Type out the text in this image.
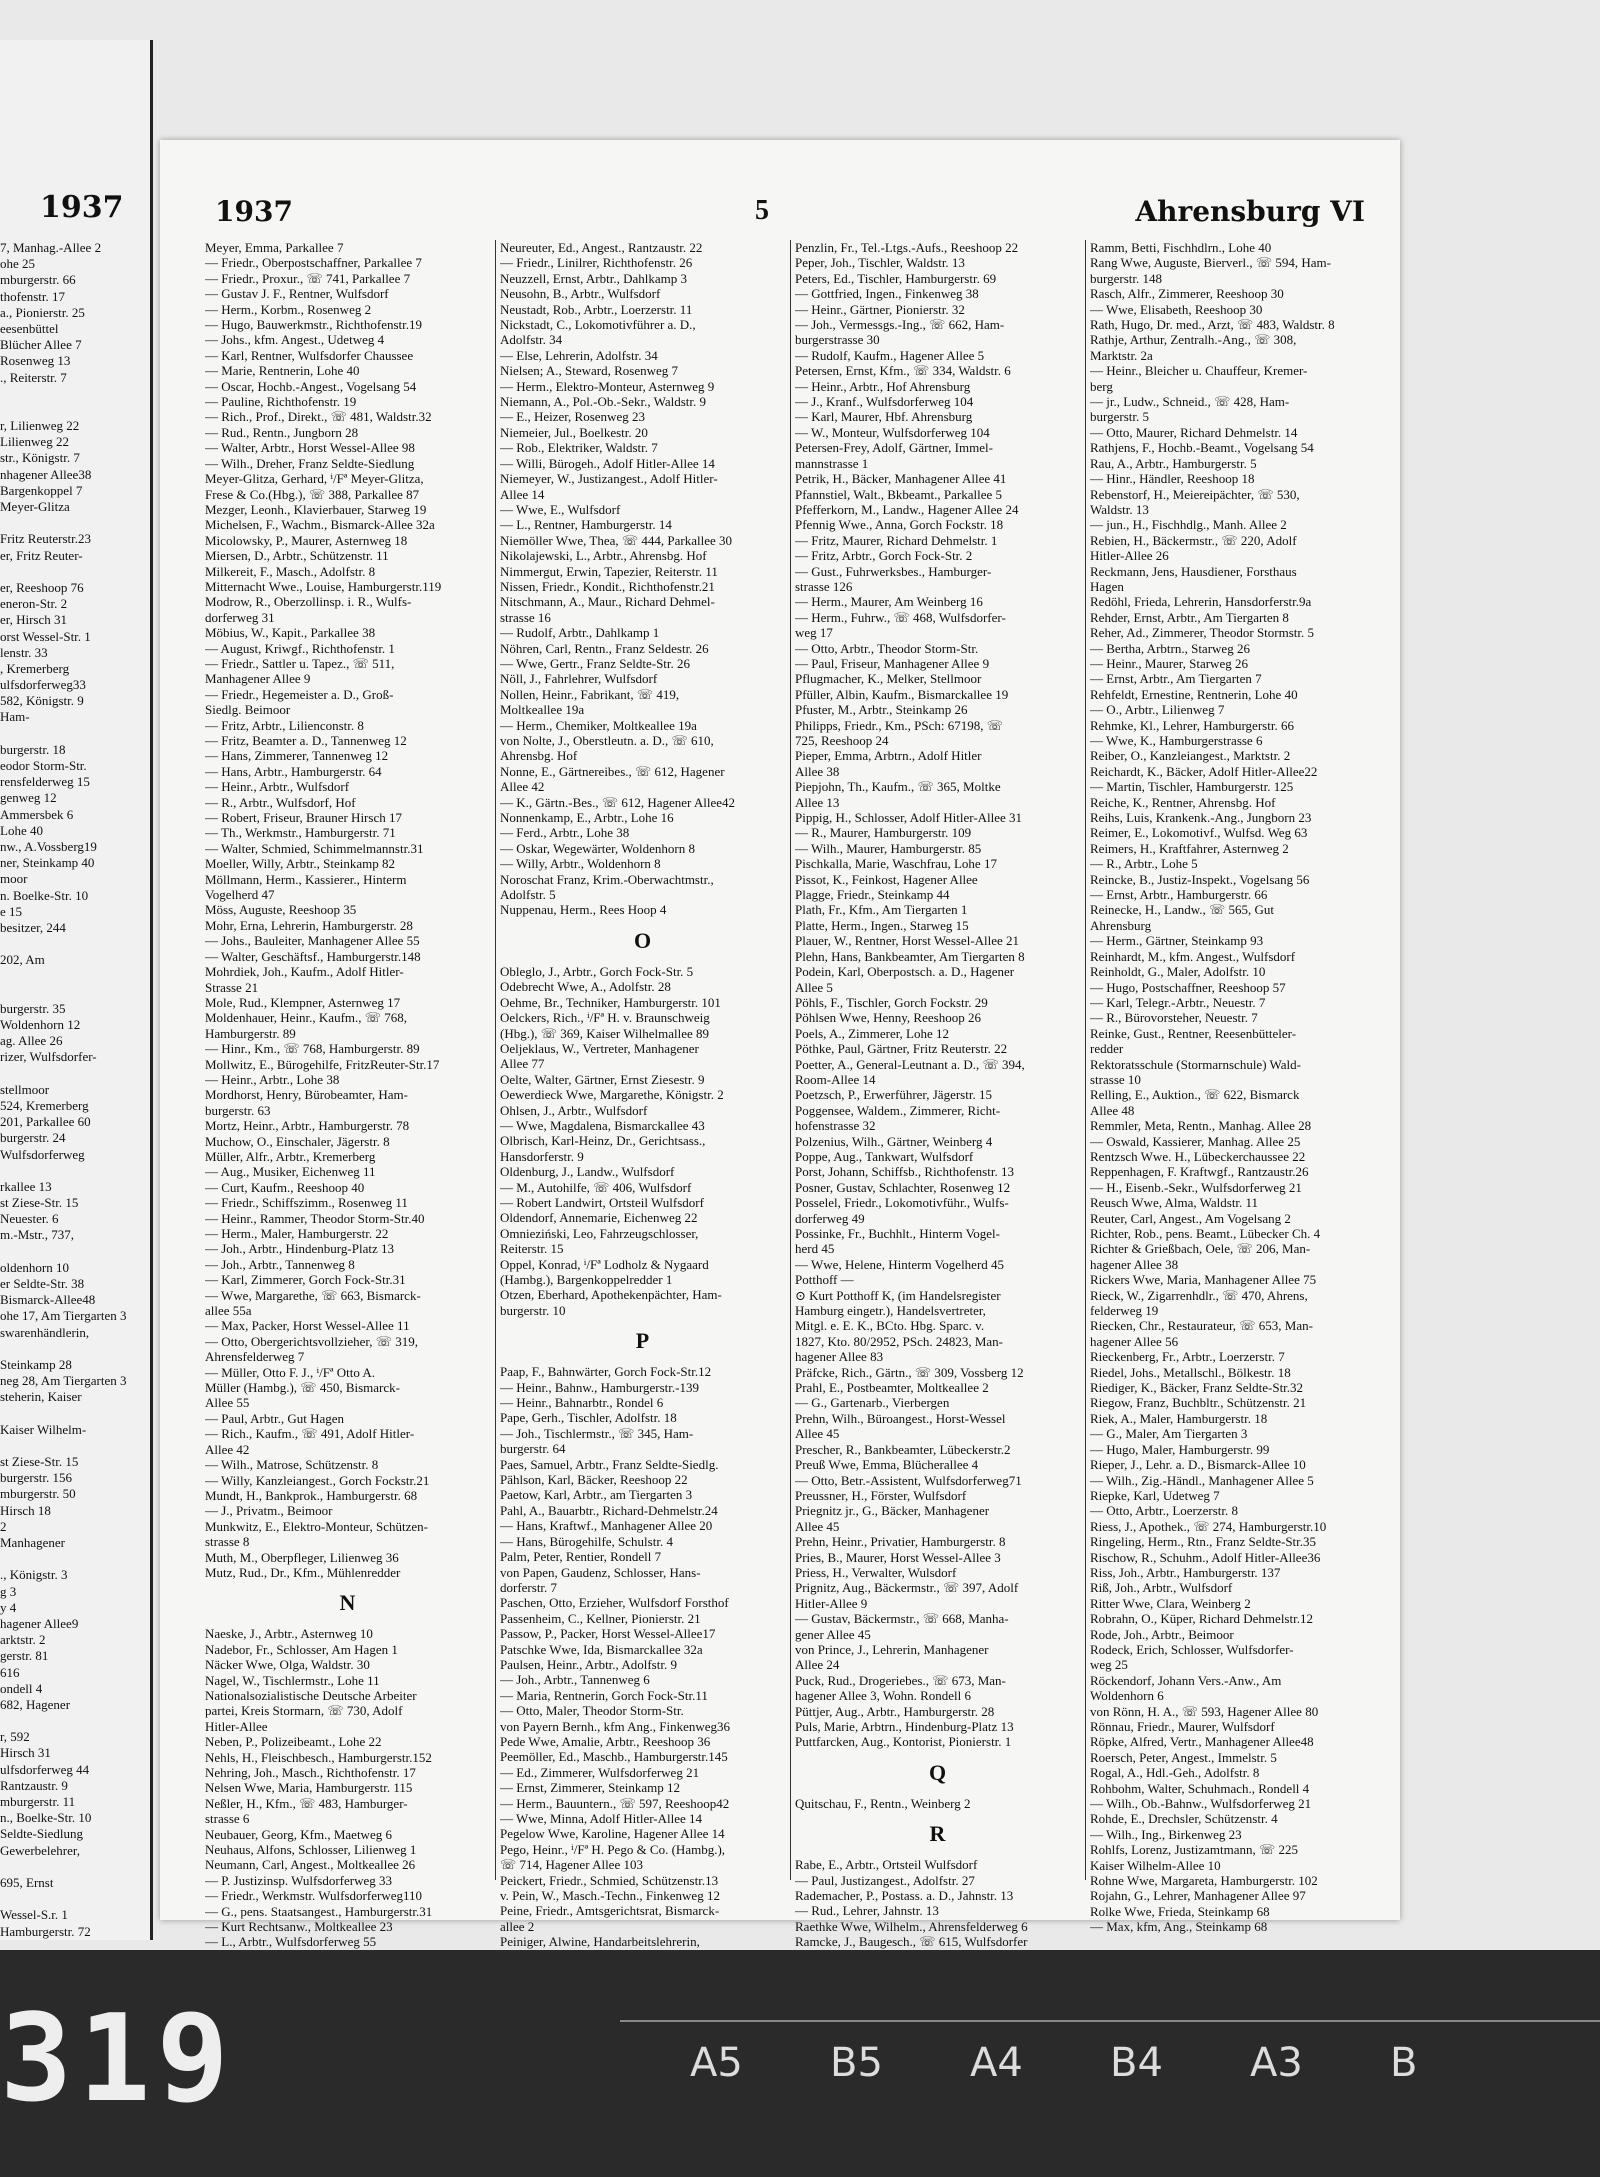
1937
7, Manhag.-Allee 2
ohe 25
mburgerstr. 66
thofenstr. 17
a., Pionierstr. 25
eesenbüttel
Blücher Allee 7
Rosenweg 13
., Reiterstr. 7
r, Lilienweg 22
Lilienweg 22
str., Königstr. 7
nhagener Allee38
Bargenkoppel 7
Meyer-Glitza
Fritz Reuterstr.23
er, Fritz Reuter-
er, Reeshoop 76
eneron-Str. 2
er, Hirsch 31
orst Wessel-Str. 1
lenstr. 33
, Kremerberg
ulfsdorferweg33
582, Königstr. 9
Ham-
burgerstr. 18
eodor Storm-Str.
rensfelderweg 15
genweg 12
Ammersbek 6
Lohe 40
nw., A.Vossberg19
ner, Steinkamp 40
moor
n. Boelke-Str. 10
e 15
besitzer, 244
202, Am
burgerstr. 35
Woldenhorn 12
ag. Allee 26
rizer, Wulfsdorfer-
stellmoor
524, Kremerberg
201, Parkallee 60
burgerstr. 24
Wulfsdorferweg
rkallee 13
st Ziese-Str. 15
Neuester. 6
m.-Mstr., 737,
oldenhorn 10
er Seldte-Str. 38
Bismarck-Allee48
ohe 17, Am Tiergarten 3
swarenhändlerin,
Steinkamp 28
neg 28, Am Tiergarten 3
steherin, Kaiser
Kaiser Wilhelm-
st Ziese-Str. 15
burgerstr. 156
mburgerstr. 50
Hirsch 18
2
Manhagener
., Königstr. 3
g 3
y 4
hagener Allee9
arktstr. 2
gerstr. 81
616
ondell 4
682, Hagener
r, 592
Hirsch 31
ulfsdorferweg 44
Rantzaustr. 9
mburgerstr. 11
n., Boelke-Str. 10
Seldte-Siedlung
Gewerbelehrer,
695, Ernst
Wessel-S.r. 1
Hamburgerstr. 72
1937	5	Ahrensburg VI
Meyer, Emma, Parkallee 7
— Friedr., Oberpostschaffner, Parkallee 7
— Friedr., Proxur., ☏ 741, Parkallee 7
— Gustav J. F., Rentner, Wulfsdorf
— Herm., Korbm., Rosenweg 2
— Hugo, Bauwerkmstr., Richthofenstr.19
— Johs., kfm. Angest., Udetweg 4
— Karl, Rentner, Wulfsdorfer Chaussee
— Marie, Rentnerin, Lohe 40
— Oscar, Hochb.-Angest., Vogelsang 54
— Pauline, Richthofenstr. 19
— Rich., Prof., Direkt., ☏ 481, Waldstr.32
— Rud., Rentn., Jungborn 28
— Walter, Arbtr., Horst Wessel-Allee 98
— Wilh., Dreher, Franz Seldte-Siedlung
Meyer-Glitza, Gerhard, ⁱ/Fª Meyer-Glitza,
Frese & Co.(Hbg.), ☏ 388, Parkallee 87
Mezger, Leonh., Klavierbauer, Starweg 19
Michelsen, F., Wachm., Bismarck-Allee 32a
Micolowsky, P., Maurer, Asternweg 18
Miersen, D., Arbtr., Schützenstr. 11
Milkereit, F., Masch., Adolfstr. 8
Mitternacht Wwe., Louise, Hamburgerstr.119
Modrow, R., Oberzollinsp. i. R., Wulfs-
dorferweg 31
Möbius, W., Kapit., Parkallee 38
— August, Kriwgf., Richthofenstr. 1
— Friedr., Sattler u. Tapez., ☏ 511,
Manhagener Allee 9
— Friedr., Hegemeister a. D., Groß-
Siedlg. Beimoor
— Fritz, Arbtr., Lilienconstr. 8
— Fritz, Beamter a. D., Tannenweg 12
— Hans, Zimmerer, Tannenweg 12
— Hans, Arbtr., Hamburgerstr. 64
— Heinr., Arbtr., Wulfsdorf
— R., Arbtr., Wulfsdorf, Hof
— Robert, Friseur, Brauner Hirsch 17
— Th., Werkmstr., Hamburgerstr. 71
— Walter, Schmied, Schimmelmannstr.31
Moeller, Willy, Arbtr., Steinkamp 82
Möllmann, Herm., Kassierer., Hinterm
Vogelherd 47
Möss, Auguste, Reeshoop 35
Mohr, Erna, Lehrerin, Hamburgerstr. 28
— Johs., Bauleiter, Manhagener Allee 55
— Walter, Geschäftsf., Hamburgerstr.148
Mohrdiek, Joh., Kaufm., Adolf Hitler-
Strasse 21
Mole, Rud., Klempner, Asternweg 17
Moldenhauer, Heinr., Kaufm., ☏ 768,
Hamburgerstr. 89
— Hinr., Km., ☏ 768, Hamburgerstr. 89
Mollwitz, E., Bürogehilfe, FritzReuter-Str.17
— Heinr., Arbtr., Lohe 38
Mordhorst, Henry, Bürobeamter, Ham-
burgerstr. 63
Mortz, Heinr., Arbtr., Hamburgerstr. 78
Muchow, O., Einschaler, Jägerstr. 8
Müller, Alfr., Arbtr., Kremerberg
— Aug., Musiker, Eichenweg 11
— Curt, Kaufm., Reeshoop 40
— Friedr., Schiffszimm., Rosenweg 11
— Heinr., Rammer, Theodor Storm-Str.40
— Herm., Maler, Hamburgerstr. 22
— Joh., Arbtr., Hindenburg-Platz 13
— Joh., Arbtr., Tannenweg 8
— Karl, Zimmerer, Gorch Fock-Str.31
— Wwe, Margarethe, ☏ 663, Bismarck-
allee 55a
— Max, Packer, Horst Wessel-Allee 11
— Otto, Obergerichtsvollzieher, ☏ 319,
Ahrensfelderweg 7
— Müller, Otto F. J., ⁱ/Fª Otto A.
Müller (Hambg.), ☏ 450, Bismarck-
Allee 55
— Paul, Arbtr., Gut Hagen
— Rich., Kaufm., ☏ 491, Adolf Hitler-
Allee 42
— Wilh., Matrose, Schützenstr. 8
— Willy, Kanzleiangest., Gorch Fockstr.21
Mundt, H., Bankprok., Hamburgerstr. 68
— J., Privatm., Beimoor
Munkwitz, E., Elektro-Monteur, Schützen-
strasse 8
Muth, M., Oberpfleger, Lilienweg 36
Mutz, Rud., Dr., Kfm., Mühlenredder
N
Naeske, J., Arbtr., Asternweg 10
Nadebor, Fr., Schlosser, Am Hagen 1
Näcker Wwe, Olga, Waldstr. 30
Nagel, W., Tischlermstr., Lohe 11
Nationalsozialistische Deutsche Arbeiter
partei, Kreis Stormarn, ☏ 730, Adolf
Hitler-Allee
Neben, P., Polizeibeamt., Lohe 22
Nehls, H., Fleischbesch., Hamburgerstr.152
Nehring, Joh., Masch., Richthofenstr. 17
Nelsen Wwe, Maria, Hamburgerstr. 115
Neßler, H., Kfm., ☏ 483, Hamburger-
strasse 6
Neubauer, Georg, Kfm., Maetweg 6
Neuhaus, Alfons, Schlosser, Lilienweg 1
Neumann, Carl, Angest., Moltkeallee 26
— P. Justizinsp. Wulfsdorferweg 33
— Friedr., Werkmstr. Wulfsdorferweg110
— G., pens. Staatsangest., Hamburgerstr.31
— Kurt Rechtsanw., Moltkeallee 23
— L., Arbtr., Wulfsdorferweg 55
Neureuter, Ed., Angest., Rantzaustr. 22
— Friedr., Linilrer, Richthofenstr. 26
Neuzzell, Ernst, Arbtr., Dahlkamp 3
Neusohn, B., Arbtr., Wulfsdorf
Neustadt, Rob., Arbtr., Loerzerstr. 11
Nickstadt, C., Lokomotivführer a. D.,
Adolfstr. 34
— Else, Lehrerin, Adolfstr. 34
Nielsen; A., Steward, Rosenweg 7
— Herm., Elektro-Monteur, Asternweg 9
Niemann, A., Pol.-Ob.-Sekr., Waldstr. 9
— E., Heizer, Rosenweg 23
Niemeier, Jul., Boelkestr. 20
— Rob., Elektriker, Waldstr. 7
— Willi, Bürogeh., Adolf Hitler-Allee 14
Niemeyer, W., Justizangest., Adolf Hitler-
Allee 14
— Wwe, E., Wulfsdorf
— L., Rentner, Hamburgerstr. 14
Niemöller Wwe, Thea, ☏ 444, Parkallee 30
Nikolajewski, L., Arbtr., Ahrensbg. Hof
Nimmergut, Erwin, Tapezier, Reiterstr. 11
Nissen, Friedr., Kondit., Richthofenstr.21
Nitschmann, A., Maur., Richard Dehmel-
strasse 16
— Rudolf, Arbtr., Dahlkamp 1
Nöhren, Carl, Rentn., Franz Seldestr. 26
— Wwe, Gertr., Franz Seldte-Str. 26
Nöll, J., Fahrlehrer, Wulfsdorf
Nollen, Heinr., Fabrikant, ☏ 419,
Moltkeallee 19a
— Herm., Chemiker, Moltkeallee 19a
von Nolte, J., Oberstleutn. a. D., ☏ 610,
Ahrensbg. Hof
Nonne, E., Gärtnereibes., ☏ 612, Hagener
Allee 42
— K., Gärtn.-Bes., ☏ 612, Hagener Allee42
Nonnenkamp, E., Arbtr., Lohe 16
— Ferd., Arbtr., Lohe 38
— Oskar, Wegewärter, Woldenhorn 8
— Willy, Arbtr., Woldenhorn 8
Noroschat Franz, Krim.-Oberwachtmstr.,
Adolfstr. 5
Nuppenau, Herm., Rees Hoop 4
O
Obleglo, J., Arbtr., Gorch Fock-Str. 5
Odebrecht Wwe, A., Adolfstr. 28
Oehme, Br., Techniker, Hamburgerstr. 101
Oelckers, Rich., ⁱ/Fª H. v. Braunschweig
(Hbg.), ☏ 369, Kaiser Wilhelmallee 89
Oeljeklaus, W., Vertreter, Manhagener
Allee 77
Oelte, Walter, Gärtner, Ernst Ziesestr. 9
Oewerdieck Wwe, Margarethe, Königstr. 2
Ohlsen, J., Arbtr., Wulfsdorf
— Wwe, Magdalena, Bismarckallee 43
Olbrisch, Karl-Heinz, Dr., Gerichtsass.,
Hansdorferstr. 9
Oldenburg, J., Landw., Wulfsdorf
— M., Autohilfe, ☏ 406, Wulfsdorf
— Robert Landwirt, Ortsteil Wulfsdorf
Oldendorf, Annemarie, Eichenweg 22
Omnieziński, Leo, Fahrzeugschlosser,
Reiterstr. 15
Oppel, Konrad, ⁱ/Fª Lodholz & Nygaard
(Hambg.), Bargenkoppelredder 1
Otzen, Eberhard, Apothekenpächter, Ham-
burgerstr. 10
P
Paap, F., Bahnwärter, Gorch Fock-Str.12
— Heinr., Bahnw., Hamburgerstr.-139
— Heinr., Bahnarbtr., Rondel 6
Pape, Gerh., Tischler, Adolfstr. 18
— Joh., Tischlermstr., ☏ 345, Ham-
burgerstr. 64
Paes, Samuel, Arbtr., Franz Seldte-Siedlg.
Pählson, Karl, Bäcker, Reeshoop 22
Paetow, Karl, Arbtr., am Tiergarten 3
Pahl, A., Bauarbtr., Richard-Dehmelstr.24
— Hans, Kraftwf., Manhagener Allee 20
— Hans, Bürogehilfe, Schulstr. 4
Palm, Peter, Rentier, Rondell 7
von Papen, Gaudenz, Schlosser, Hans-
dorferstr. 7
Paschen, Otto, Erzieher, Wulfsdorf Forsthof
Passenheim, C., Kellner, Pionierstr. 21
Passow, P., Packer, Horst Wessel-Allee17
Patschke Wwe, Ida, Bismarckallee 32a
Paulsen, Heinr., Arbtr., Adolfstr. 9
— Joh., Arbtr., Tannenweg 6
— Maria, Rentnerin, Gorch Fock-Str.11
— Otto, Maler, Theodor Storm-Str.
von Payern Bernh., kfm Ang., Finkenweg36
Pede Wwe, Amalie, Arbtr., Reeshoop 36
Peemöller, Ed., Maschb., Hamburgerstr.145
— Ed., Zimmerer, Wulfsdorferweg 21
— Ernst, Zimmerer, Steinkamp 12
— Herm., Bauuntern., ☏ 597, Reeshoop42
— Wwe, Minna, Adolf Hitler-Allee 14
Pegelow Wwe, Karoline, Hagener Allee 14
Pego, Heinr., ⁱ/Fª H. Pego & Co. (Hambg.),
☏ 714, Hagener Allee 103
Peickert, Friedr., Schmied, Schützenstr.13
v. Pein, W., Masch.-Techn., Finkenweg 12
Peine, Friedr., Amtsgerichtsrat, Bismarck-
allee 2
Peiniger, Alwine, Handarbeitslehrerin,
Penzlin, Fr., Tel.-Ltgs.-Aufs., Reeshoop 22
Peper, Joh., Tischler, Waldstr. 13
Peters, Ed., Tischler, Hamburgerstr. 69
— Gottfried, Ingen., Finkenweg 38
— Heinr., Gärtner, Pionierstr. 32
— Joh., Vermessgs.-Ing., ☏ 662, Ham-
burgerstrasse 30
— Rudolf, Kaufm., Hagener Allee 5
Petersen, Ernst, Kfm., ☏ 334, Waldstr. 6
— Heinr., Arbtr., Hof Ahrensburg
— J., Kranf., Wulfsdorferweg 104
— Karl, Maurer, Hbf. Ahrensburg
— W., Monteur, Wulfsdorferweg 104
Petersen-Frey, Adolf, Gärtner, Immel-
mannstrasse 1
Petrik, H., Bäcker, Manhagener Allee 41
Pfannstiel, Walt., Bkbeamt., Parkallee 5
Pfefferkorn, M., Landw., Hagener Allee 24
Pfennig Wwe., Anna, Gorch Fockstr. 18
— Fritz, Maurer, Richard Dehmelstr. 1
— Fritz, Arbtr., Gorch Fock-Str. 2
— Gust., Fuhrwerksbes., Hamburger-
strasse 126
— Herm., Maurer, Am Weinberg 16
— Herm., Fuhrw., ☏ 468, Wulfsdorfer-
weg 17
— Otto, Arbtr., Theodor Storm-Str.
— Paul, Friseur, Manhagener Allee 9
Pflugmacher, K., Melker, Stellmoor
Pfüller, Albin, Kaufm., Bismarckallee 19
Pfuster, M., Arbtr., Steinkamp 26
Philipps, Friedr., Km., PSch: 67198, ☏
725, Reeshoop 24
Pieper, Emma, Arbtrn., Adolf Hitler
Allee 38
Piepjohn, Th., Kaufm., ☏ 365, Moltke
Allee 13
Pippig, H., Schlosser, Adolf Hitler-Allee 31
— R., Maurer, Hamburgerstr. 109
— Wilh., Maurer, Hamburgerstr. 85
Pischkalla, Marie, Waschfrau, Lohe 17
Pissot, K., Feinkost, Hagener Allee
Plagge, Friedr., Steinkamp 44
Plath, Fr., Kfm., Am Tiergarten 1
Platte, Herm., Ingen., Starweg 15
Plauer, W., Rentner, Horst Wessel-Allee 21
Plehn, Hans, Bankbeamter, Am Tiergarten 8
Podein, Karl, Oberpostsch. a. D., Hagener
Allee 5
Pöhls, F., Tischler, Gorch Fockstr. 29
Pöhlsen Wwe, Henny, Reeshoop 26
Poels, A., Zimmerer, Lohe 12
Pöthke, Paul, Gärtner, Fritz Reuterstr. 22
Poetter, A., General-Leutnant a. D., ☏ 394,
Room-Allee 14
Poetzsch, P., Erwerführer, Jägerstr. 15
Poggensee, Waldem., Zimmerer, Richt-
hofenstrasse 32
Polzenius, Wilh., Gärtner, Weinberg 4
Poppe, Aug., Tankwart, Wulfsdorf
Porst, Johann, Schiffsb., Richthofenstr. 13
Posner, Gustav, Schlachter, Rosenweg 12
Posselel, Friedr., Lokomotivführ., Wulfs-
dorferweg 49
Possinke, Fr., Buchhlt., Hinterm Vogel-
herd 45
— Wwe, Helene, Hinterm Vogelherd 45
Potthoff —
⊙ Kurt Potthoff K, (im Handelsregister
Hamburg eingetr.), Handelsvertreter,
Mitgl. e. E. K., BCto. Hbg. Sparc. v.
1827, Kto. 80/2952, PSch. 24823, Man-
hagener Allee 83
Präfcke, Rich., Gärtn., ☏ 309, Vossberg 12
Prahl, E., Postbeamter, Moltkeallee 2
— G., Gartenarb., Vierbergen
Prehn, Wilh., Büroangest., Horst-Wessel
Allee 45
Prescher, R., Bankbeamter, Lübeckerstr.2
Preuß Wwe, Emma, Blücherallee 4
— Otto, Betr.-Assistent, Wulfsdorferweg71
Preussner, H., Förster, Wulfsdorf
Priegnitz jr., G., Bäcker, Manhagener
Allee 45
Prehn, Heinr., Privatier, Hamburgerstr. 8
Pries, B., Maurer, Horst Wessel-Allee 3
Priess, H., Verwalter, Wulsdorf
Prignitz, Aug., Bäckermstr., ☏ 397, Adolf
Hitler-Allee 9
— Gustav, Bäckermstr., ☏ 668, Manha-
gener Allee 45
von Prince, J., Lehrerin, Manhagener
Allee 24
Puck, Rud., Drogeriebes., ☏ 673, Man-
hagener Allee 3, Wohn. Rondell 6
Püttjer, Aug., Arbtr., Hamburgerstr. 28
Puls, Marie, Arbtrn., Hindenburg-Platz 13
Puttfarcken, Aug., Kontorist, Pionierstr. 1
Q
Quitschau, F., Rentn., Weinberg 2
R
Rabe, E., Arbtr., Ortsteil Wulfsdorf
— Paul, Justizangest., Adolfstr. 27
Rademacher, P., Postass. a. D., Jahnstr. 13
— Rud., Lehrer, Jahnstr. 13
Raethke Wwe, Wilhelm., Ahrensfelderweg 6
Ramcke, J., Baugesch., ☏ 615, Wulfsdorfer
Ramm, Betti, Fischhdlrn., Lohe 40
Rang Wwe, Auguste, Bierverl., ☏ 594, Ham-
burgerstr. 148
Rasch, Alfr., Zimmerer, Reeshoop 30
— Wwe, Elisabeth, Reeshoop 30
Rath, Hugo, Dr. med., Arzt, ☏ 483, Waldstr. 8
Rathje, Arthur, Zentralh.-Ang., ☏ 308,
Marktstr. 2a
— Heinr., Bleicher u. Chauffeur, Kremer-
berg
— jr., Ludw., Schneid., ☏ 428, Ham-
burgerstr. 5
— Otto, Maurer, Richard Dehmelstr. 14
Rathjens, F., Hochb.-Beamt., Vogelsang 54
Rau, A., Arbtr., Hamburgerstr. 5
— Hinr., Händler, Reeshoop 18
Rebenstorf, H., Meiereipächter, ☏ 530,
Waldstr. 13
— jun., H., Fischhdlg., Manh. Allee 2
Rebien, H., Bäckermstr., ☏ 220, Adolf
Hitler-Allee 26
Reckmann, Jens, Hausdiener, Forsthaus
Hagen
Redöhl, Frieda, Lehrerin, Hansdorferstr.9a
Rehder, Ernst, Arbtr., Am Tiergarten 8
Reher, Ad., Zimmerer, Theodor Stormstr. 5
— Bertha, Arbtrn., Starweg 26
— Heinr., Maurer, Starweg 26
— Ernst, Arbtr., Am Tiergarten 7
Rehfeldt, Ernestine, Rentnerin, Lohe 40
— O., Arbtr., Lilienweg 7
Rehmke, Kl., Lehrer, Hamburgerstr. 66
— Wwe, K., Hamburgerstrasse 6
Reiber, O., Kanzleiangest., Marktstr. 2
Reichardt, K., Bäcker, Adolf Hitler-Allee22
— Martin, Tischler, Hamburgerstr. 125
Reiche, K., Rentner, Ahrensbg. Hof
Reihs, Luis, Krankenk.-Ang., Jungborn 23
Reimer, E., Lokomotivf., Wulfsd. Weg 63
Reimers, H., Kraftfahrer, Asternweg 2
— R., Arbtr., Lohe 5
Reincke, B., Justiz-Inspekt., Vogelsang 56
— Ernst, Arbtr., Hamburgerstr. 66
Reinecke, H., Landw., ☏ 565, Gut
Ahrensburg
— Herm., Gärtner, Steinkamp 93
Reinhardt, M., kfm. Angest., Wulfsdorf
Reinholdt, G., Maler, Adolfstr. 10
— Hugo, Postschaffner, Reeshoop 57
— Karl, Telegr.-Arbtr., Neuestr. 7
— R., Bürovorsteher, Neuestr. 7
Reinke, Gust., Rentner, Reesenbütteler-
redder
Rektoratsschule (Stormarnschule) Wald-
strasse 10
Relling, E., Auktion., ☏ 622, Bismarck
Allee 48
Remmler, Meta, Rentn., Manhag. Allee 28
— Oswald, Kassierer, Manhag. Allee 25
Rentzsch Wwe. H., Lübeckerchaussee 22
Reppenhagen, F. Kraftwgf., Rantzaustr.26
— H., Eisenb.-Sekr., Wulfsdorferweg 21
Reusch Wwe, Alma, Waldstr. 11
Reuter, Carl, Angest., Am Vogelsang 2
Richter, Rob., pens. Beamt., Lübecker Ch. 4
Richter & Grießbach, Oele, ☏ 206, Man-
hagener Allee 38
Rickers Wwe, Maria, Manhagener Allee 75
Rieck, W., Zigarrenhdlr., ☏ 470, Ahrens,
felderweg 19
Riecken, Chr., Restaurateur, ☏ 653, Man-
hagener Allee 56
Rieckenberg, Fr., Arbtr., Loerzerstr. 7
Riedel, Johs., Metallschl., Bölkestr. 18
Riediger, K., Bäcker, Franz Seldte-Str.32
Riegow, Franz, Buchbltr., Schützenstr. 21
Riek, A., Maler, Hamburgerstr. 18
— G., Maler, Am Tiergarten 3
— Hugo, Maler, Hamburgerstr. 99
Rieper, J., Lehr. a. D., Bismarck-Allee 10
— Wilh., Zig.-Händl., Manhagener Allee 5
Riepke, Karl, Udetweg 7
— Otto, Arbtr., Loerzerstr. 8
Riess, J., Apothek., ☏ 274, Hamburgerstr.10
Ringeling, Herm., Rtn., Franz Seldte-Str.35
Rischow, R., Schuhm., Adolf Hitler-Allee36
Riss, Joh., Arbtr., Hamburgerstr. 137
Riß, Joh., Arbtr., Wulfsdorf
Ritter Wwe, Clara, Weinberg 2
Robrahn, O., Küper, Richard Dehmelstr.12
Rode, Joh., Arbtr., Beimoor
Rodeck, Erich, Schlosser, Wulfsdorfer-
weg 25
Röckendorf, Johann Vers.-Anw., Am
Woldenhorn 6
von Rönn, H. A., ☏ 593, Hagener Allee 80
Rönnau, Friedr., Maurer, Wulfsdorf
Röpke, Alfred, Vertr., Manhagener Allee48
Roersch, Peter, Angest., Immelstr. 5
Rogal, A., Hdl.-Geh., Adolfstr. 8
Rohbohm, Walter, Schuhmach., Rondell 4
— Wilh., Ob.-Bahnw., Wulfsdorferweg 21
Rohde, E., Drechsler, Schützenstr. 4
— Wilh., Ing., Birkenweg 23
Rohlfs, Lorenz, Justizamtmann, ☏ 225
Kaiser Wilhelm-Allee 10
Rohne Wwe, Margareta, Hamburgerstr. 102
Rojahn, G., Lehrer, Manhagener Allee 97
Rolke Wwe, Frieda, Steinkamp 68
— Max, kfm, Ang., Steinkamp 68
319	A5 B5 A4 B4 A3 B
